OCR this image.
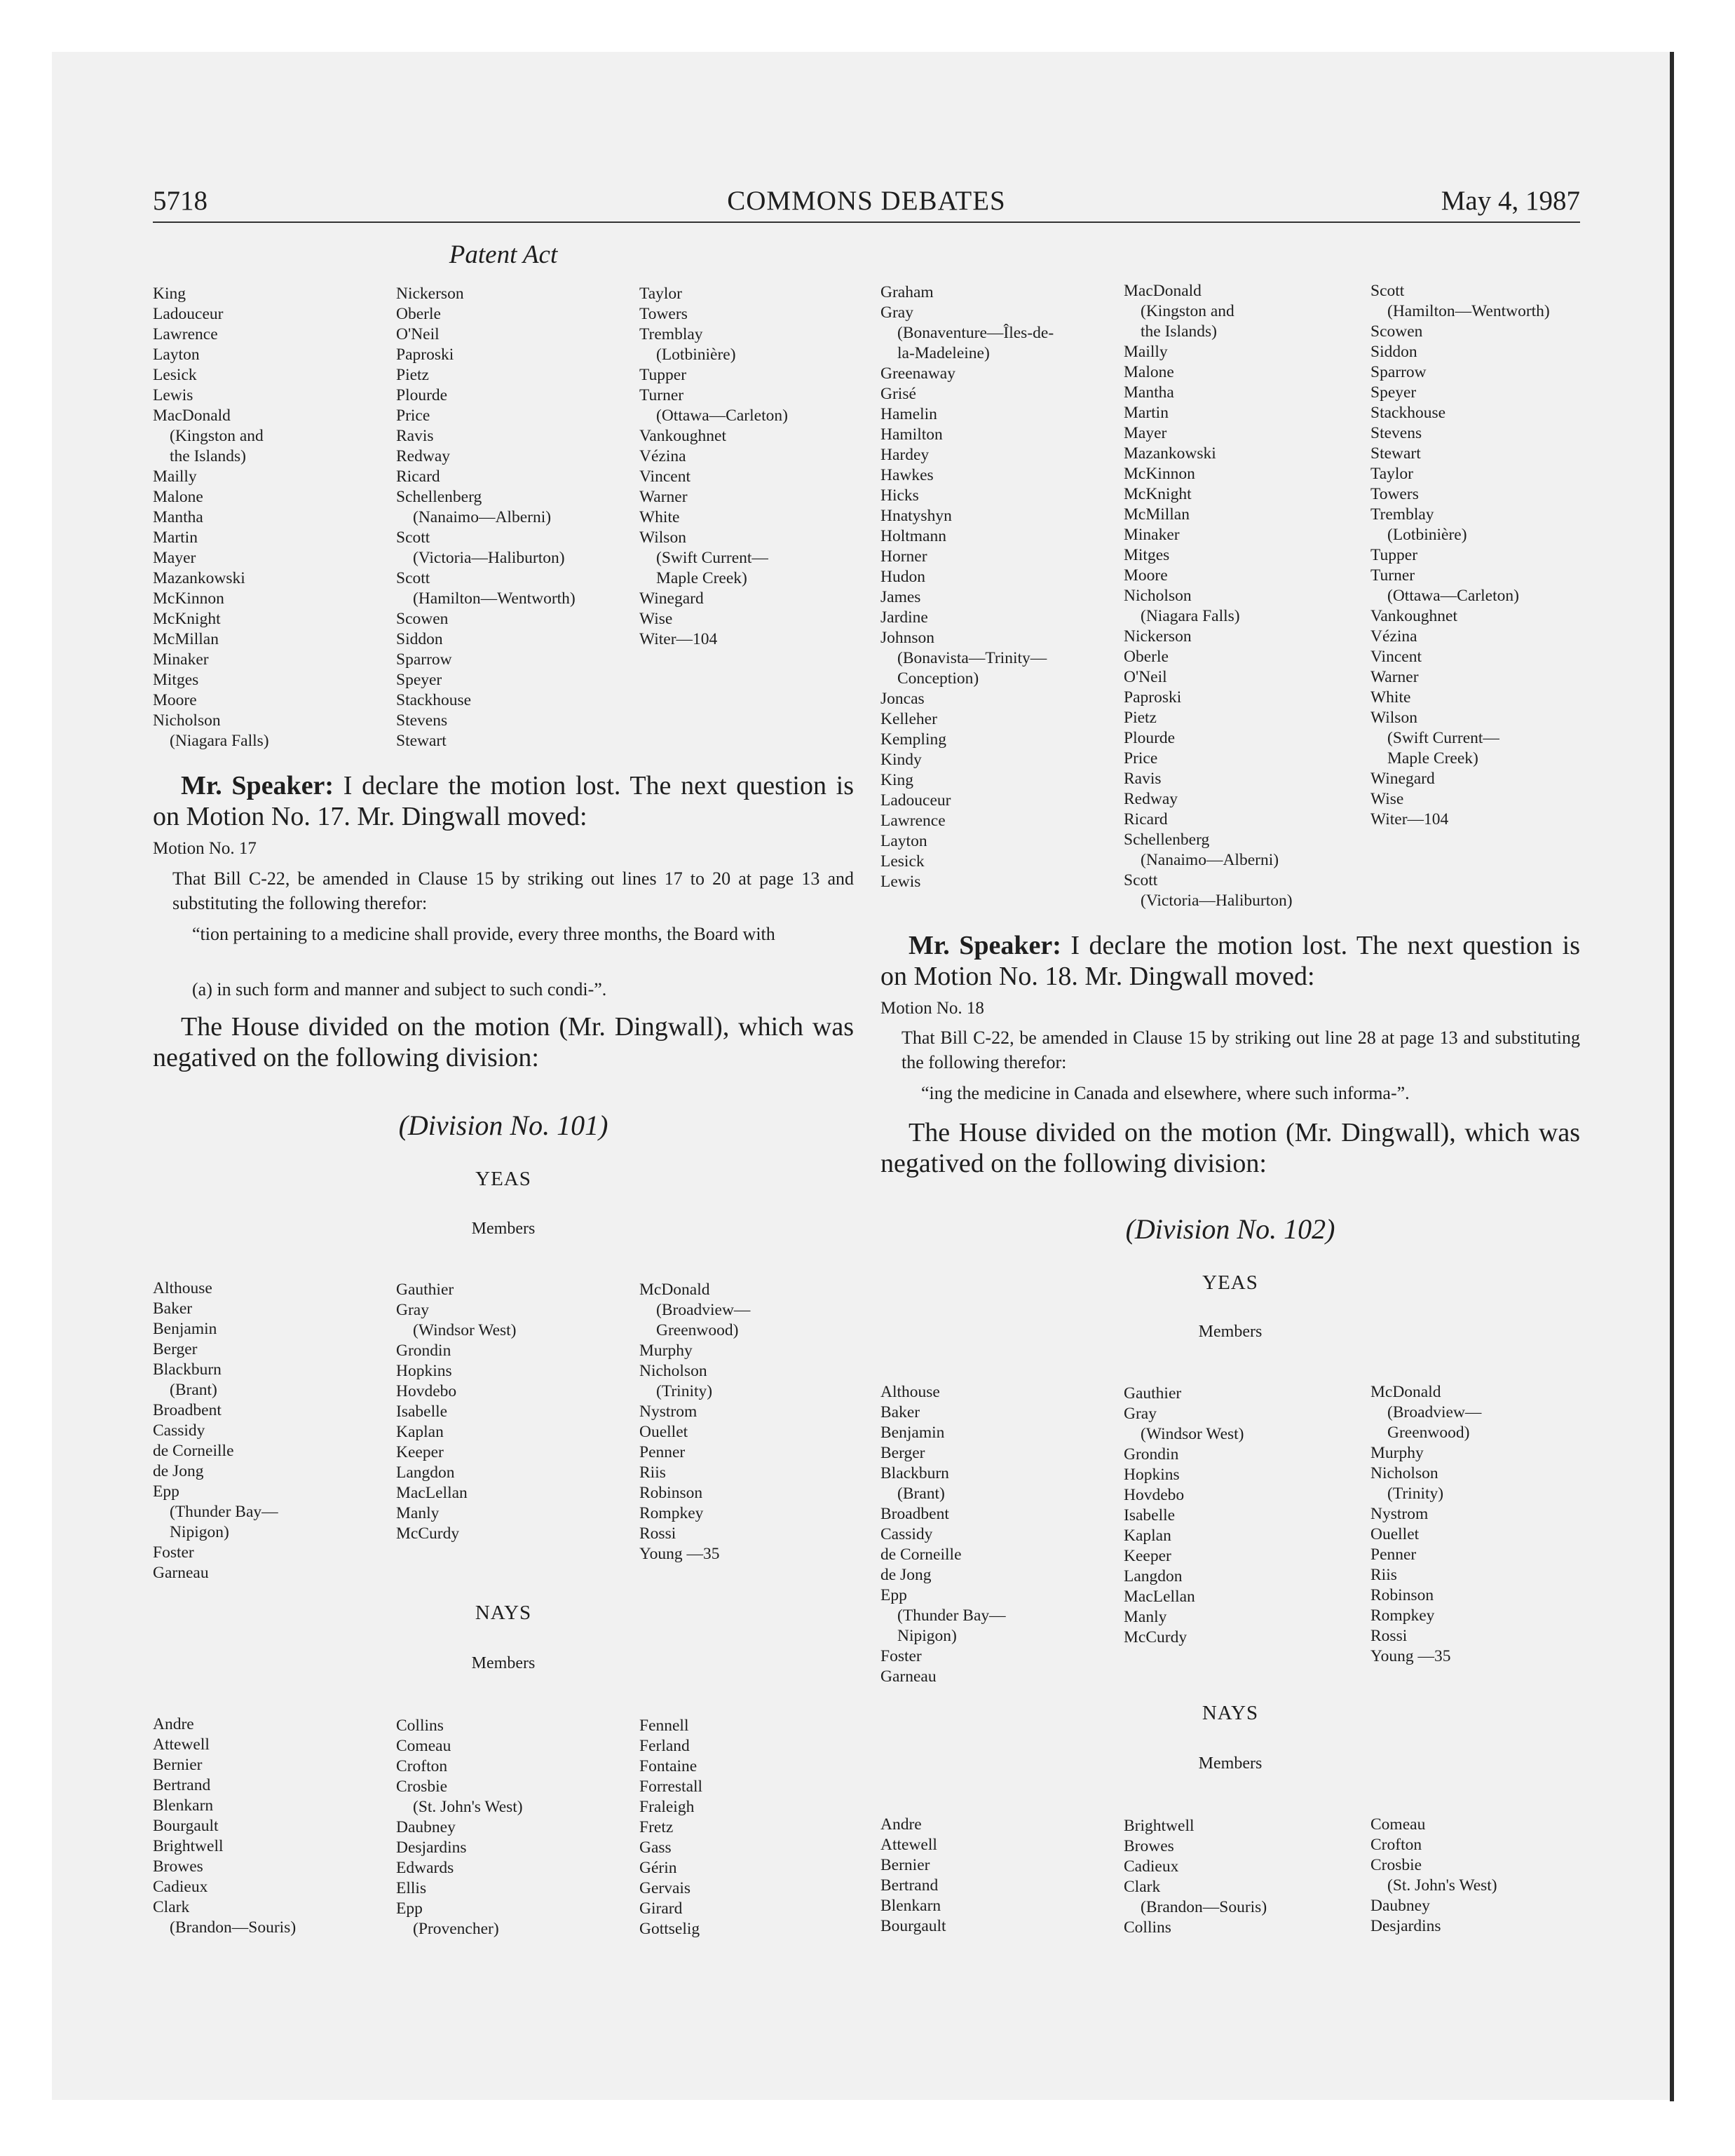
5718	COMMONS DEBATES	May 4, 1987
Patent Act
King
Ladouceur
Lawrence
Layton
Lesick
Lewis
MacDonald
(Kingston and
the Islands)
Mailly
Malone
Mantha
Martin
Mayer
Mazankowski
McKinnon
McKnight
McMillan
Minaker
Mitges
Moore
Nicholson
(Niagara Falls)
Nickerson
Oberle
O'Neil
Paproski
Pietz
Plourde
Price
Ravis
Redway
Ricard
Schellenberg
(Nanaimo—Alberni)
Scott
(Victoria—Haliburton)
Scott
(Hamilton—Wentworth)
Scowen
Siddon
Sparrow
Speyer
Stackhouse
Stevens
Stewart
Taylor
Towers
Tremblay
(Lotbinière)
Tupper
Turner
(Ottawa—Carleton)
Vankoughnet
Vézina
Vincent
Warner
White
Wilson
(Swift Current—
Maple Creek)
Winegard
Wise
Witer—104
Mr. Speaker: I declare the motion lost. The next question is on Motion No. 17. Mr. Dingwall moved:
Motion No. 17
That Bill C-22, be amended in Clause 15 by striking out lines 17 to 20 at page 13 and substituting the following therefor:
“tion pertaining to a medicine shall provide, every three months, the Board with
(a) in such form and manner and subject to such condi-”.
The House divided on the motion (Mr. Dingwall), which was negatived on the following division:
(Division No. 101)
YEAS
Members
Althouse
Baker
Benjamin
Berger
Blackburn
(Brant)
Broadbent
Cassidy
de Corneille
de Jong
Epp
(Thunder Bay—
Nipigon)
Foster
Garneau
Gauthier
Gray
(Windsor West)
Grondin
Hopkins
Hovdebo
Isabelle
Kaplan
Keeper
Langdon
MacLellan
Manly
McCurdy
McDonald
(Broadview—
Greenwood)
Murphy
Nicholson
(Trinity)
Nystrom
Ouellet
Penner
Riis
Robinson
Rompkey
Rossi
Young —35
NAYS
Members
Andre
Attewell
Bernier
Bertrand
Blenkarn
Bourgault
Brightwell
Browes
Cadieux
Clark
(Brandon—Souris)
Collins
Comeau
Crofton
Crosbie
(St. John's West)
Daubney
Desjardins
Edwards
Ellis
Epp
(Provencher)
Fennell
Ferland
Fontaine
Forrestall
Fraleigh
Fretz
Gass
Gérin
Gervais
Girard
Gottselig
Graham
Gray
(Bonaventure—Îles-de-
la-Madeleine)
Greenaway
Grisé
Hamelin
Hamilton
Hardey
Hawkes
Hicks
Hnatyshyn
Holtmann
Horner
Hudon
James
Jardine
Johnson
(Bonavista—Trinity—
Conception)
Joncas
Kelleher
Kempling
Kindy
King
Ladouceur
Lawrence
Layton
Lesick
Lewis
MacDonald
(Kingston and
the Islands)
Mailly
Malone
Mantha
Martin
Mayer
Mazankowski
McKinnon
McKnight
McMillan
Minaker
Mitges
Moore
Nicholson
(Niagara Falls)
Nickerson
Oberle
O'Neil
Paproski
Pietz
Plourde
Price
Ravis
Redway
Ricard
Schellenberg
(Nanaimo—Alberni)
Scott
(Victoria—Haliburton)
Scott
(Hamilton—Wentworth)
Scowen
Siddon
Sparrow
Speyer
Stackhouse
Stevens
Stewart
Taylor
Towers
Tremblay
(Lotbinière)
Tupper
Turner
(Ottawa—Carleton)
Vankoughnet
Vézina
Vincent
Warner
White
Wilson
(Swift Current—
Maple Creek)
Winegard
Wise
Witer—104
Mr. Speaker: I declare the motion lost. The next question is on Motion No. 18. Mr. Dingwall moved:
Motion No. 18
That Bill C-22, be amended in Clause 15 by striking out line 28 at page 13 and substituting the following therefor:
“ing the medicine in Canada and elsewhere, where such informa-”.
The House divided on the motion (Mr. Dingwall), which was negatived on the following division:
(Division No. 102)
YEAS
Members
Althouse
Baker
Benjamin
Berger
Blackburn
(Brant)
Broadbent
Cassidy
de Corneille
de Jong
Epp
(Thunder Bay—
Nipigon)
Foster
Garneau
Gauthier
Gray
(Windsor West)
Grondin
Hopkins
Hovdebo
Isabelle
Kaplan
Keeper
Langdon
MacLellan
Manly
McCurdy
McDonald
(Broadview—
Greenwood)
Murphy
Nicholson
(Trinity)
Nystrom
Ouellet
Penner
Riis
Robinson
Rompkey
Rossi
Young —35
NAYS
Members
Andre
Attewell
Bernier
Bertrand
Blenkarn
Bourgault
Brightwell
Browes
Cadieux
Clark
(Brandon—Souris)
Collins
Comeau
Crofton
Crosbie
(St. John's West)
Daubney
Desjardins
